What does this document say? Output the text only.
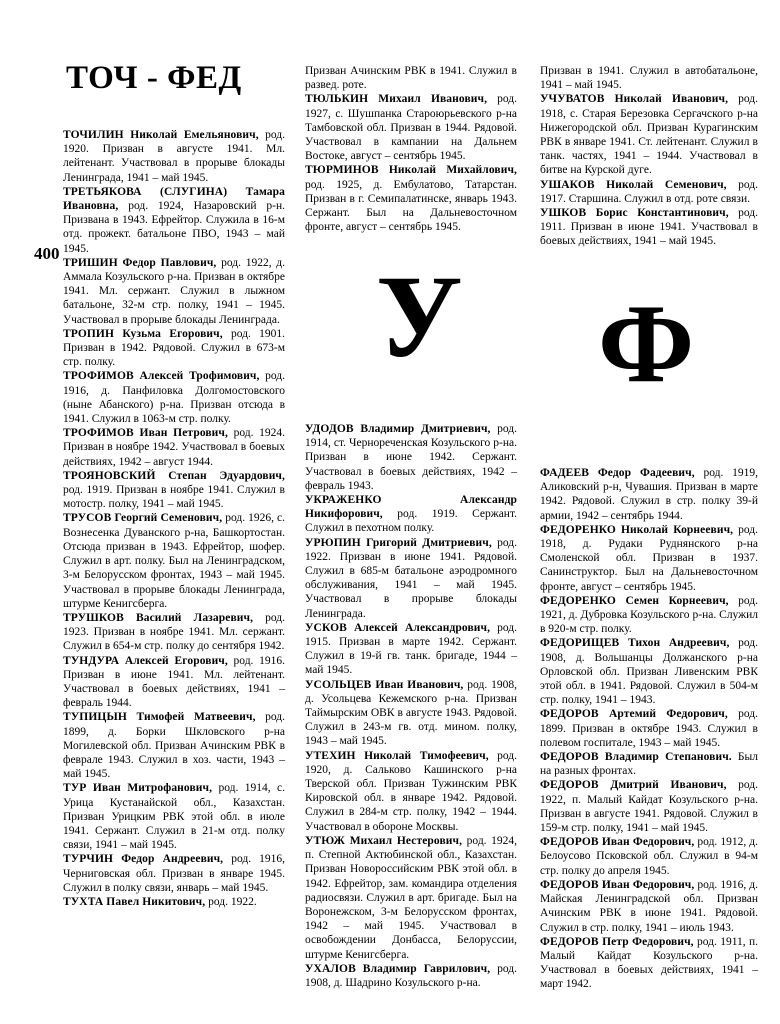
ТОЧ - ФЕД
400

ТОЧИЛИН Николай Емельянович, род. 1920. Призван в августе 1941. Мл. лейтенант. Участвовал в прорыве блокады Ленинграда, 1941 – май 1945.

ТРЕТЬЯКОВА (СЛУГИНА) Тамара Ивановна, род. 1924, Назаровский р-н. Призвана в 1943. Ефрейтор. Служила в 16-м отд. прожект. батальоне ПВО, 1943 – май 1945.

ТРИШИН Федор Павлович, род. 1922, д. Аммала Козульского р-на. Призван в октябре 1941. Мл. сержант. Служил в лыжном батальоне, 32-м стр. полку, 1941 – 1945. Участвовал в прорыве блокады Ленинграда.

ТРОПИН Кузьма Егорович, род. 1901. Призван в 1942. Рядовой. Служил в 673-м стр. полку.

ТРОФИМОВ Алексей Трофимович, род. 1916, д. Панфиловка Долгомостовского (ныне Абанского) р-на. Призван отсюда в 1941. Служил в 1063-м стр. полку.

ТРОФИМОВ Иван Петрович, род. 1924. Призван в ноябре 1942. Участвовал в боевых действиях, 1942 – август 1944.

ТРОЯНОВСКИЙ Степан Эдуардович, род. 1919. Призван в ноябре 1941. Служил в мотостр. полку, 1941 – май 1945.

ТРУСОВ Георгий Семенович, род. 1926, с. Вознесенка Дуванского р-на, Башкортостан. Отсюда призван в 1943. Ефрейтор, шофер. Служил в арт. полку. Был на Ленинградском, 3-м Белорусском фронтах, 1943 – май 1945. Участвовал в прорыве блокады Ленинграда, штурме Кенигсберга.

ТРУШКОВ Василий Лазаревич, род. 1923. Призван в ноябре 1941. Мл. сержант. Служил в 654-м стр. полку до сентября 1942.

ТУНДУРА Алексей Егорович, род. 1916. Призван в июне 1941. Мл. лейтенант. Участвовал в боевых действиях, 1941 – февраль 1944.

ТУПИЦЫН Тимофей Матвеевич, род. 1899, д. Борки Шкловского р-на Могилевской обл. Призван Ачинским РВК в феврале 1943. Служил в хоз. части, 1943 – май 1945.

ТУР Иван Митрофанович, род. 1914, с. Урица Кустанайской обл., Казахстан. Призван Урицким РВК этой обл. в июле 1941. Сержант. Служил в 21-м отд. полку связи, 1941 – май 1945.

ТУРЧИН Федор Андреевич, род. 1916, Черниговская обл. Призван в январе 1945. Служил в полку связи, январь – май 1945.

ТУХТА Павел Никитович, род. 1922.

Призван Ачинским РВК в 1941. Служил в развед. роте.

ТЮЛЬКИН Михаил Иванович, род. 1927, с. Шушпанка Староюрьевского р-на Тамбовской обл. Призван в 1944. Рядовой. Участвовал в кампании на Дальнем Востоке, август – сентябрь 1945.

ТЮРМИНОВ Николай Михайлович, род. 1925, д. Ембулатово, Татарстан. Призван в г. Семипалатинске, январь 1943. Сержант. Был на Дальневосточном фронте, август – сентябрь 1945.

У

УДОДОВ Владимир Дмитриевич, род. 1914, ст. Чернореченская Козульского р-на. Призван в июне 1942. Сержант. Участвовал в боевых действиях, 1942 – февраль 1943.

УКРАЖЕНКО Александр Никифорович, род. 1919. Сержант. Служил в пехотном полку.

УРЮПИН Григорий Дмитриевич, род. 1922. Призван в июне 1941. Рядовой. Служил в 685-м батальоне аэродромного обслуживания, 1941 – май 1945. Участвовал в прорыве блокады Ленинграда.

УСКОВ Алексей Александрович, род. 1915. Призван в марте 1942. Сержант. Служил в 19-й гв. танк. бригаде, 1944 – май 1945.

УСОЛЬЦЕВ Иван Иванович, род. 1908, д. Усольцева Кежемского р-на. Призван Таймырским ОВК в августе 1943. Рядовой. Служил в 243-м гв. отд. мином. полку, 1943 – май 1945.

УТЕХИН Николай Тимофеевич, род. 1920, д. Сальково Кашинского р-на Тверской обл. Призван Тужинским РВК Кировской обл. в январе 1942. Рядовой. Служил в 284-м стр. полку, 1942 – 1944. Участвовал в обороне Москвы.

УТЮЖ Михаил Нестерович, род. 1924, п. Степной Актюбинской обл., Казахстан. Призван Новороссийским РВК этой обл. в 1942. Ефрейтор, зам. командира отделения радиосвязи. Служил в арт. бригаде. Был на Воронежском, 3-м Белорусском фронтах, 1942 – май 1945. Участвовал в освобождении Донбасса, Белоруссии, штурме Кенигсберга.

УХАЛОВ Владимир Гаврилович, род. 1908, д. Шадрино Козульского р-на.

Призван в 1941. Служил в автобатальоне, 1941 – май 1945.

УЧУВАТОВ Николай Иванович, род. 1918, с. Старая Березовка Сергачского р-на Нижегородской обл. Призван Курагинским РВК в январе 1941. Ст. лейтенант. Служил в танк. частях, 1941 – 1944. Участвовал в битве на Курской дуге.

УШАКОВ Николай Семенович, род. 1917. Старшина. Служил в отд. роте связи.

УШКОВ Борис Константинович, род. 1911. Призван в июне 1941. Участвовал в боевых действиях, 1941 – май 1945.

Ф

ФАДЕЕВ Федор Фадеевич, род. 1919, Аликовский р-н, Чувашия. Призван в марте 1942. Рядовой. Служил в стр. полку 39-й армии, 1942 – сентябрь 1944.

ФЕДОРЕНКО Николай Корнеевич, род. 1918, д. Рудаки Руднянского р-на Смоленской обл. Призван в 1937. Санинструктор. Был на Дальневосточном фронте, август – сентябрь 1945.

ФЕДОРЕНКО Семен Корнеевич, род. 1921, д. Дубровка Козульского р-на. Служил в 920-м стр. полку.

ФЕДОРИЩЕВ Тихон Андреевич, род. 1908, д. Вольшанцы Должанского р-на Орловской обл. Призван Ливенским РВК этой обл. в 1941. Рядовой. Служил в 504-м стр. полку, 1941 – 1943.

ФЕДОРОВ Артемий Федорович, род. 1899. Призван в октябре 1943. Служил в полевом госпитале, 1943 – май 1945.

ФЕДОРОВ Владимир Степанович. Был на разных фронтах.

ФЕДОРОВ Дмитрий Иванович, род. 1922, п. Малый Кайдат Козульского р-на. Призван в августе 1941. Рядовой. Служил в 159-м стр. полку, 1941 – май 1945.

ФЕДОРОВ Иван Федорович, род. 1912, д. Белоусово Псковской обл. Служил в 94-м стр. полку до апреля 1945.

ФЕДОРОВ Иван Федорович, род. 1916, д. Майская Ленинградской обл. Призван Ачинским РВК в июне 1941. Рядовой. Служил в стр. полку, 1941 – июль 1943.

ФЕДОРОВ Петр Федорович, род. 1911, п. Малый Кайдат Козульского р-на. Участвовал в боевых действиях, 1941 – март 1942.
